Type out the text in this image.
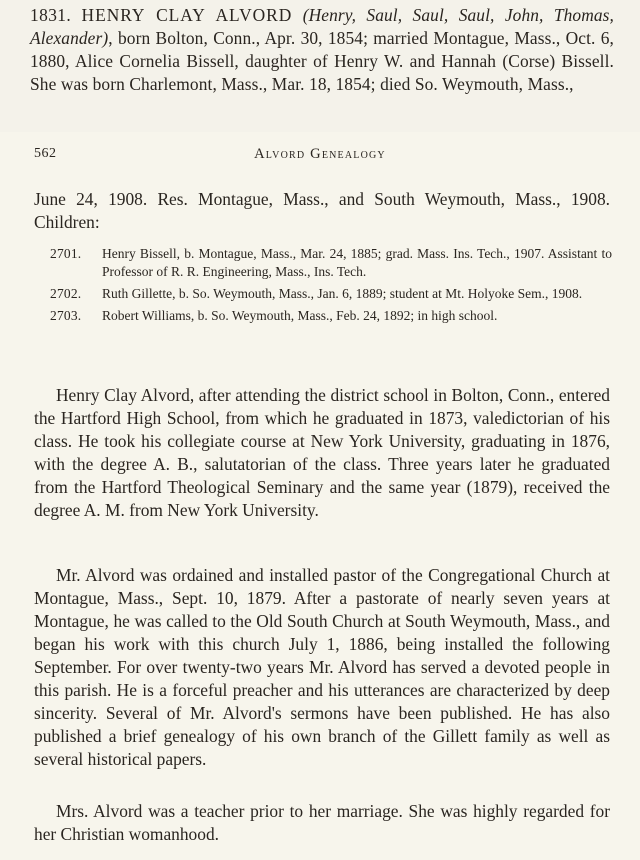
1831. HENRY CLAY ALVORD (Henry, Saul, Saul, Saul, John, Thomas, Alexander), born Bolton, Conn., Apr. 30, 1854; married Montague, Mass., Oct. 6, 1880, Alice Cornelia Bissell, daughter of Henry W. and Hannah (Corse) Bissell. She was born Charlemont, Mass., Mar. 18, 1854; died So. Weymouth, Mass.,
562	Alvord Genealogy
June 24, 1908. Res. Montague, Mass., and South Weymouth, Mass., 1908. Children:
2701.	Henry Bissell, b. Montague, Mass., Mar. 24, 1885; grad. Mass. Ins. Tech., 1907. Assistant to Professor of R. R. Engineering, Mass., Ins. Tech.
2702.	Ruth Gillette, b. So. Weymouth, Mass., Jan. 6, 1889; student at Mt. Holyoke Sem., 1908.
2703.	Robert Williams, b. So. Weymouth, Mass., Feb. 24, 1892; in high school.
Henry Clay Alvord, after attending the district school in Bolton, Conn., entered the Hartford High School, from which he graduated in 1873, valedictorian of his class. He took his collegiate course at New York University, graduating in 1876, with the degree A. B., salutatorian of the class. Three years later he graduated from the Hartford Theological Seminary and the same year (1879), received the degree A. M. from New York University.
Mr. Alvord was ordained and installed pastor of the Congregational Church at Montague, Mass., Sept. 10, 1879. After a pastorate of nearly seven years at Montague, he was called to the Old South Church at South Weymouth, Mass., and began his work with this church July 1, 1886, being installed the following September. For over twenty-two years Mr. Alvord has served a devoted people in this parish. He is a forceful preacher and his utterances are characterized by deep sincerity. Several of Mr. Alvord's sermons have been published. He has also published a brief genealogy of his own branch of the Gillett family as well as several historical papers.
Mrs. Alvord was a teacher prior to her marriage. She was highly regarded for her Christian womanhood.
